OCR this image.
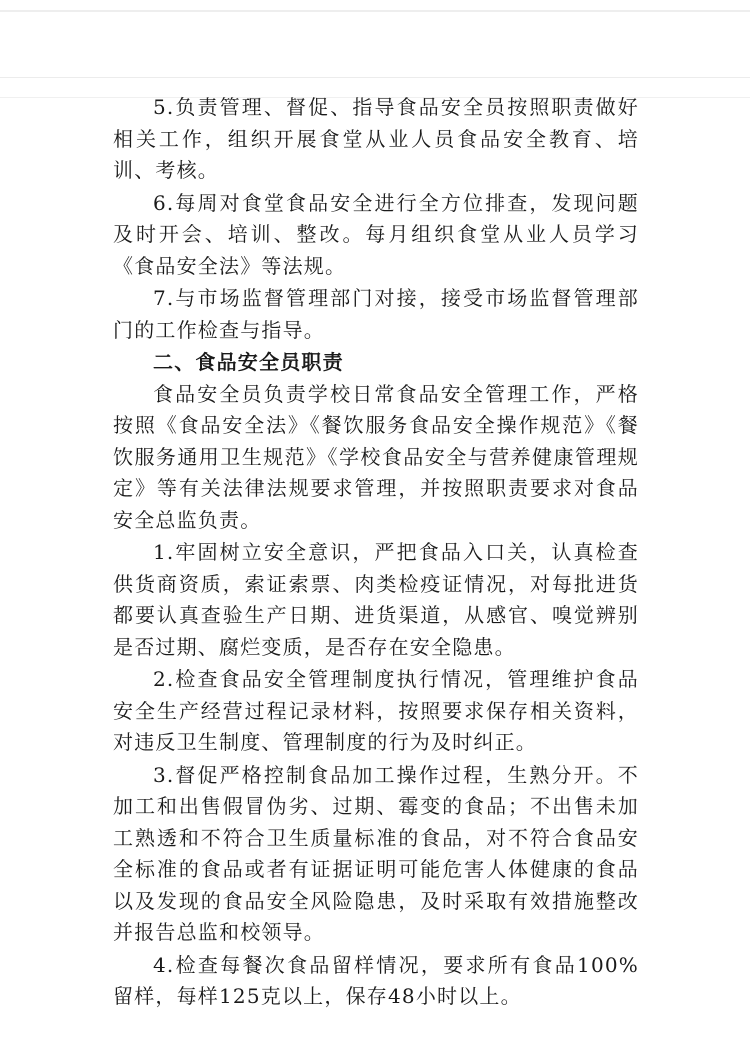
5.负责管理、督促、指导食品安全员按照职责做好相关工作，组织开展食堂从业人员食品安全教育、培训、考核。

6.每周对食堂食品安全进行全方位排查，发现问题及时开会、培训、整改。每月组织食堂从业人员学习《食品安全法》等法规。

7.与市场监督管理部门对接，接受市场监督管理部门的工作检查与指导。

二、食品安全员职责

食品安全员负责学校日常食品安全管理工作，严格按照《食品安全法》《餐饮服务食品安全操作规范》《餐饮服务通用卫生规范》《学校食品安全与营养健康管理规定》等有关法律法规要求管理，并按照职责要求对食品安全总监负责。

1.牢固树立安全意识，严把食品入口关，认真检查供货商资质，索证索票、肉类检疫证情况，对每批进货都要认真查验生产日期、进货渠道，从感官、嗅觉辨别是否过期、腐烂变质，是否存在安全隐患。

2.检查食品安全管理制度执行情况，管理维护食品安全生产经营过程记录材料，按照要求保存相关资料，对违反卫生制度、管理制度的行为及时纠正。

3.督促严格控制食品加工操作过程，生熟分开。不加工和出售假冒伪劣、过期、霉变的食品；不出售未加工熟透和不符合卫生质量标准的食品，对不符合食品安全标准的食品或者有证据证明可能危害人体健康的食品以及发现的食品安全风险隐患，及时采取有效措施整改并报告总监和校领导。

4.检查每餐次食品留样情况，要求所有食品100%留样，每样125克以上，保存48小时以上。
